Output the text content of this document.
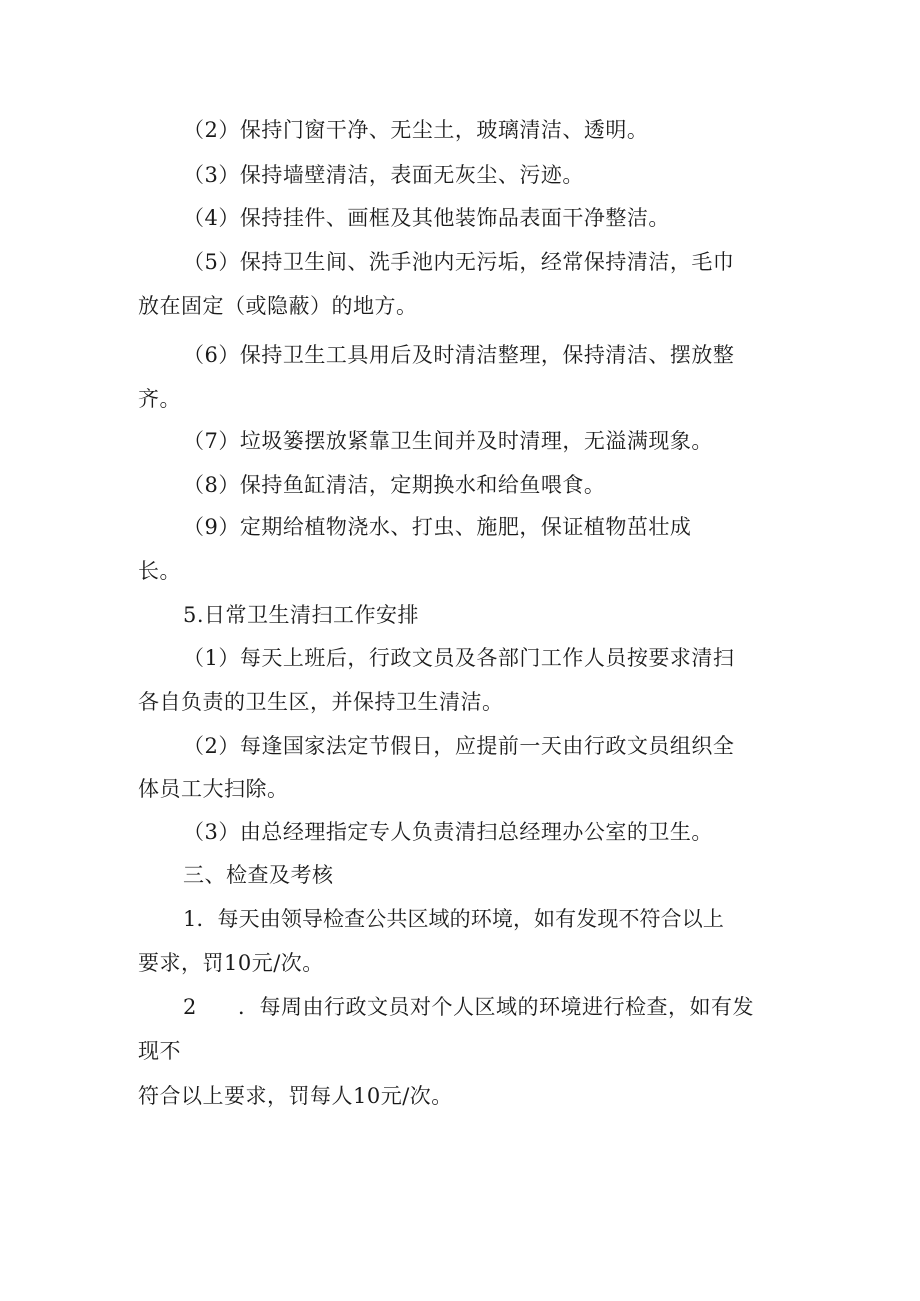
（2）保持门窗干净、无尘土，玻璃清洁、透明。
（3）保持墙壁清洁，表面无灰尘、污迹。
（4）保持挂件、画框及其他装饰品表面干净整洁。
（5）保持卫生间、洗手池内无污垢，经常保持清洁，毛巾
放在固定（或隐蔽）的地方。
（6）保持卫生工具用后及时清洁整理，保持清洁、摆放整
齐。
（7）垃圾篓摆放紧靠卫生间并及时清理，无溢满现象。
（8）保持鱼缸清洁，定期换水和给鱼喂食。
（9）定期给植物浇水、打虫、施肥，保证植物茁壮成
长。
5.日常卫生清扫工作安排
（1）每天上班后，行政文员及各部门工作人员按要求清扫
各自负责的卫生区，并保持卫生清洁。
（2）每逢国家法定节假日，应提前一天由行政文员组织全
体员工大扫除。
（3）由总经理指定专人负责清扫总经理办公室的卫生。
三、检查及考核
1．每天由领导检查公共区域的环境，如有发现不符合以上
要求，罚10元/次。
2 ．每周由行政文员对个人区域的环境进行检查，如有发
现不
符合以上要求，罚每人10元/次。
